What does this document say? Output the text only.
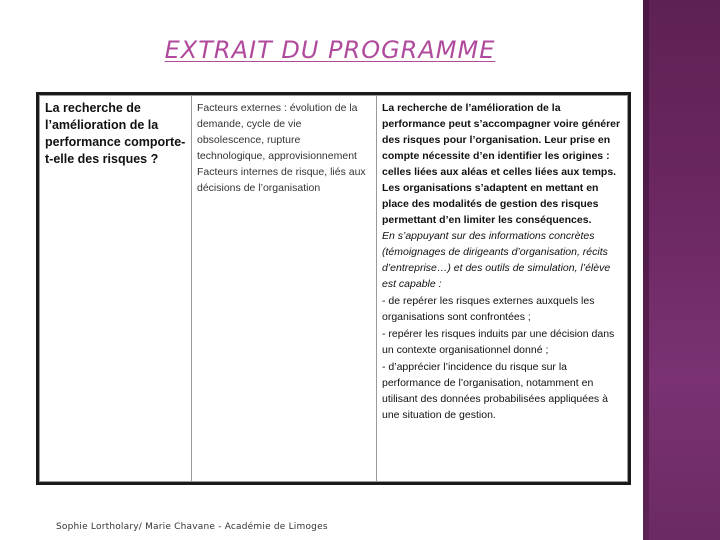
EXTRAIT DU PROGRAMME
La recherche de l’amélioration de la performance comporte-t-elle des risques ?

Facteurs externes : évolution de la demande, cycle de vie obsolescence, rupture technologique, approvisionnement

Facteurs internes de risque, liés aux décisions de l’organisation

La recherche de l’amélioration de la performance peut s’accompagner voire générer des risques pour l’organisation. Leur prise en compte nécessite d’en identifier les origines : celles liées aux aléas et celles liées aux temps.

Les organisations s’adaptent en mettant en place des modalités de gestion des risques permettant d’en limiter les conséquences.

En s’appuyant sur des informations concrètes (témoignages de dirigeants d’organisation, récits d’entreprise…) et des outils de simulation, l’élève est capable :

- de repérer les risques externes auxquels les organisations sont confrontées ;

- repérer les risques induits par une décision dans un contexte organisationnel donné ;

- d’apprécier l’incidence du risque sur la performance de l’organisation, notamment en utilisant des données probabilisées appliquées à une situation de gestion.

Sophie Lortholary/ Marie Chavane - Académie de Limoges
